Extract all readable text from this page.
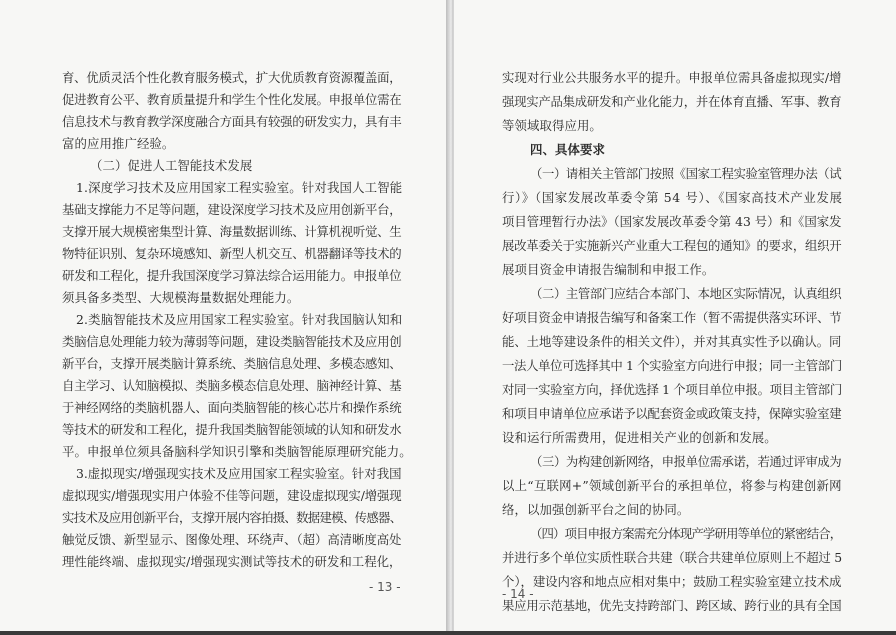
育、优质灵活个性化教育服务模式，扩大优质教育资源覆盖面，
促进教育公平、教育质量提升和学生个性化发展。申报单位需在
信息技术与教育教学深度融合方面具有较强的研发实力，具有丰
富的应用推广经验。
（二）促进人工智能技术发展
1.深度学习技术及应用国家工程实验室。针对我国人工智能
基础支撑能力不足等问题，建设深度学习技术及应用创新平台，
支撑开展大规模密集型计算、海量数据训练、计算机视听觉、生
物特征识别、复杂环境感知、新型人机交互、机器翻译等技术的
研发和工程化，提升我国深度学习算法综合运用能力。申报单位
须具备多类型、大规模海量数据处理能力。
2.类脑智能技术及应用国家工程实验室。针对我国脑认知和
类脑信息处理能力较为薄弱等问题，建设类脑智能技术及应用创
新平台，支撑开展类脑计算系统、类脑信息处理、多模态感知、
自主学习、认知脑模拟、类脑多模态信息处理、脑神经计算、基
于神经网络的类脑机器人、面向类脑智能的核心芯片和操作系统
等技术的研发和工程化，提升我国类脑智能领域的认知和研发水
平。申报单位须具备脑科学知识引擎和类脑智能原理研究能力。
3.虚拟现实/增强现实技术及应用国家工程实验室。针对我国
虚拟现实/增强现实用户体验不佳等问题，建设虚拟现实/增强现
实技术及应用创新平台，支撑开展内容拍摄、数据建模、传感器、
触觉反馈、新型显示、图像处理、环绕声、（超）高清晰度高处
理性能终端、虚拟现实/增强现实测试等技术的研发和工程化，
- 13 -
实现对行业公共服务水平的提升。申报单位需具备虚拟现实/增
强现实产品集成研发和产业化能力，并在体育直播、军事、教育
等领域取得应用。
四、具体要求
（一）请相关主管部门按照《国家工程实验室管理办法（试
行）》（国家发展改革委令第 54 号）、《国家高技术产业发展
项目管理暂行办法》（国家发展改革委令第 43 号）和《国家发
展改革委关于实施新兴产业重大工程包的通知》的要求，组织开
展项目资金申请报告编制和申报工作。
（二）主管部门应结合本部门、本地区实际情况，认真组织
好项目资金申请报告编写和备案工作（暂不需提供落实环评、节
能、土地等建设条件的相关文件），并对其真实性予以确认。同
一法人单位可选择其中 1 个实验室方向进行申报；同一主管部门
对同一实验室方向，择优选择 1 个项目单位申报。项目主管部门
和项目申请单位应承诺予以配套资金或政策支持，保障实验室建
设和运行所需费用，促进相关产业的创新和发展。
（三）为构建创新网络，申报单位需承诺，若通过评审成为
以上“互联网+”领域创新平台的承担单位，将参与构建创新网
络，以加强创新平台之间的协同。
（四）项目申报方案需充分体现产学研用等单位的紧密结合，
并进行多个单位实质性联合共建（联合共建单位原则上不超过 5
个），建设内容和地点应相对集中；鼓励工程实验室建立技术成
果应用示范基地，优先支持跨部门、跨区域、跨行业的具有全国
- 14 -
